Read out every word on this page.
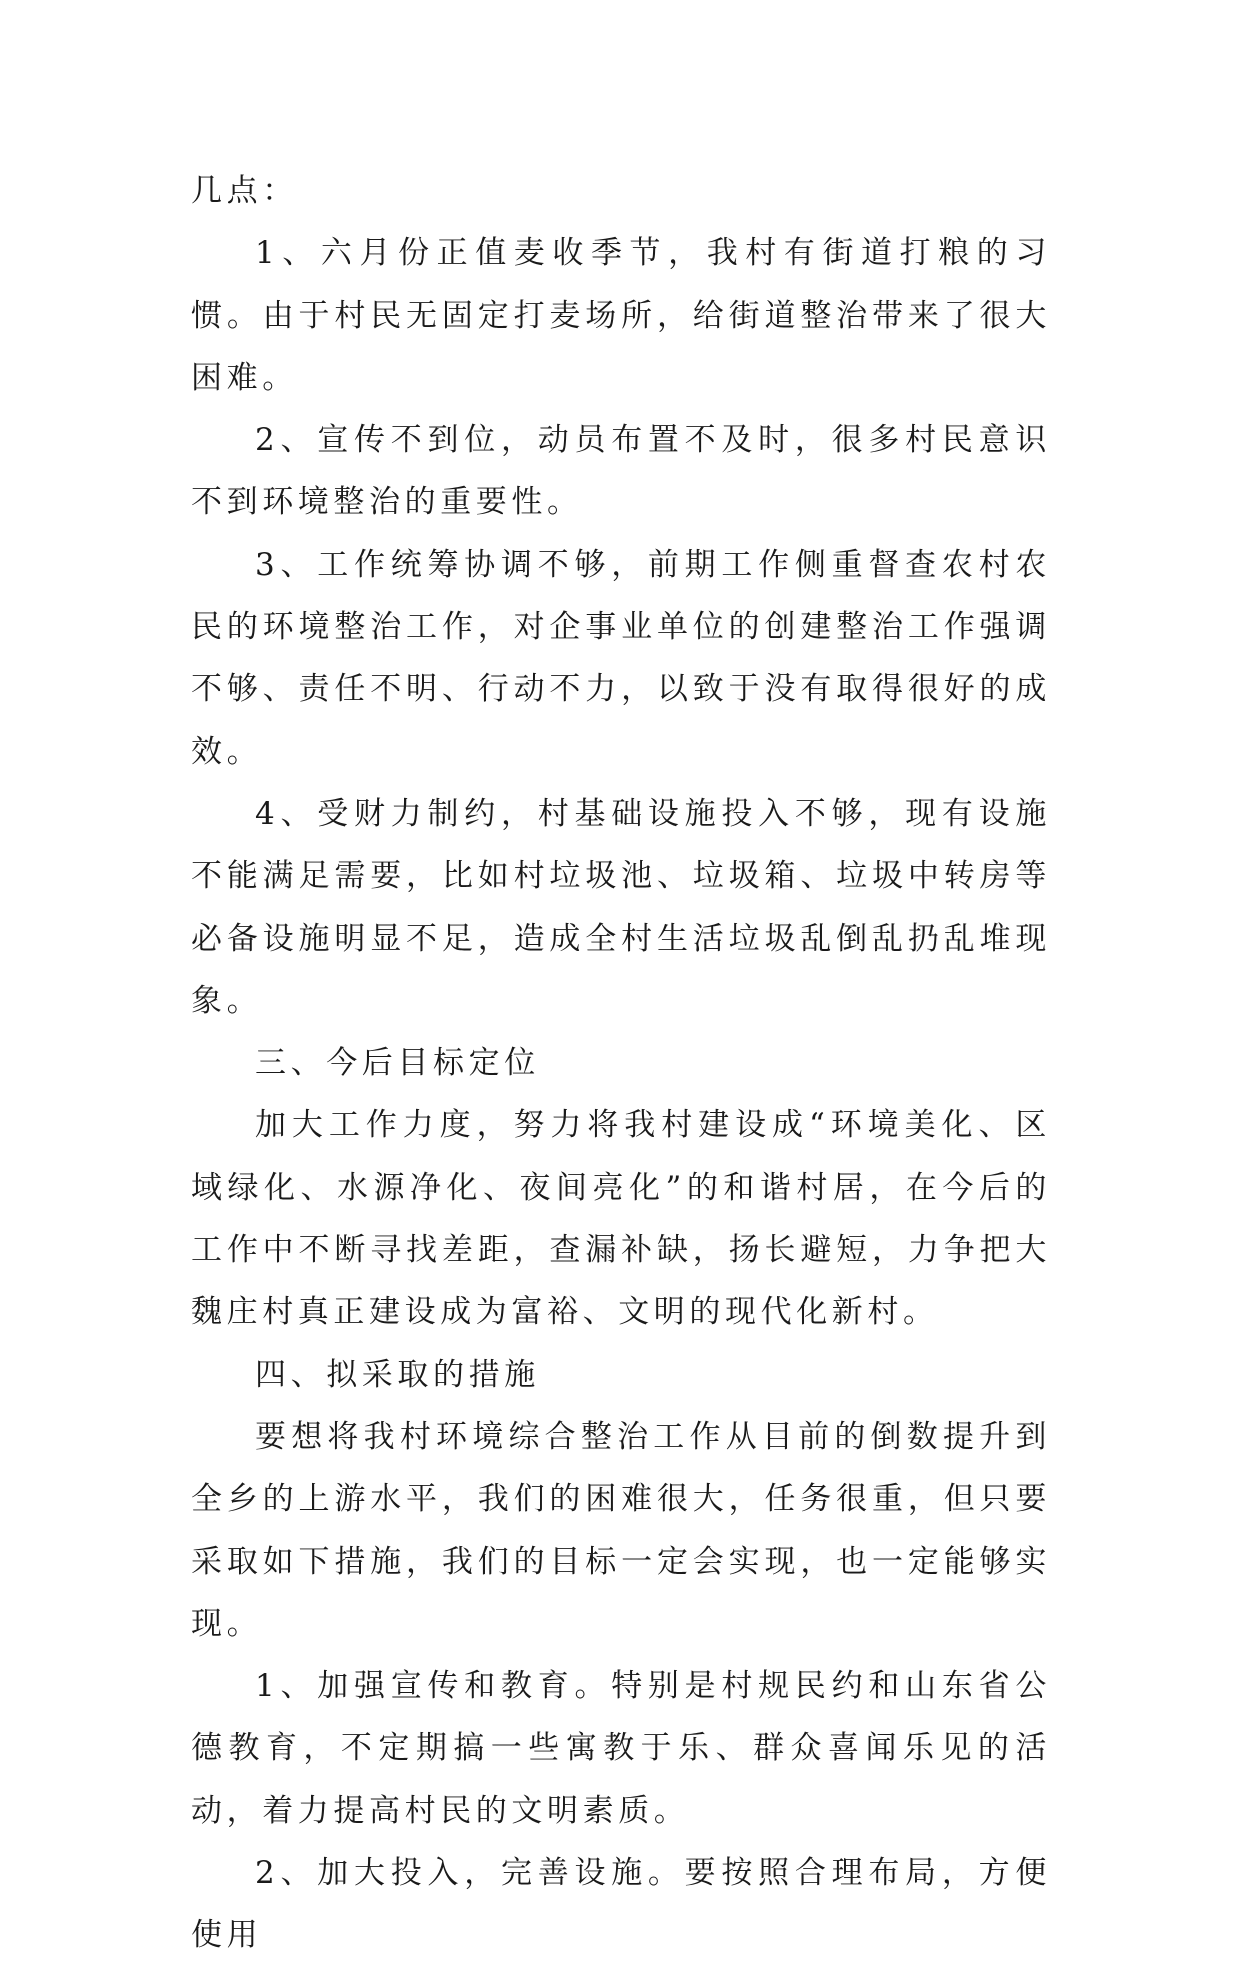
几点：

1、六月份正值麦收季节，我村有街道打粮的习惯。由于村民无固定打麦场所，给街道整治带来了很大困难。

2、宣传不到位，动员布置不及时，很多村民意识不到环境整治的重要性。

3、工作统筹协调不够，前期工作侧重督查农村农民的环境整治工作，对企事业单位的创建整治工作强调不够、责任不明、行动不力，以致于没有取得很好的成效。

4、受财力制约，村基础设施投入不够，现有设施不能满足需要，比如村垃圾池、垃圾箱、垃圾中转房等必备设施明显不足，造成全村生活垃圾乱倒乱扔乱堆现象。

三、今后目标定位

加大工作力度，努力将我村建设成“环境美化、区域绿化、水源净化、夜间亮化”的和谐村居，在今后的工作中不断寻找差距，查漏补缺，扬长避短，力争把大魏庄村真正建设成为富裕、文明的现代化新村。

四、拟采取的措施

要想将我村环境综合整治工作从目前的倒数提升到全乡的上游水平，我们的困难很大，任务很重，但只要采取如下措施，我们的目标一定会实现，也一定能够实现。

1、加强宣传和教育。特别是村规民约和山东省公德教育，不定期搞一些寓教于乐、群众喜闻乐见的活动，着力提高村民的文明素质。

2、加大投入，完善设施。要按照合理布局，方便使用
